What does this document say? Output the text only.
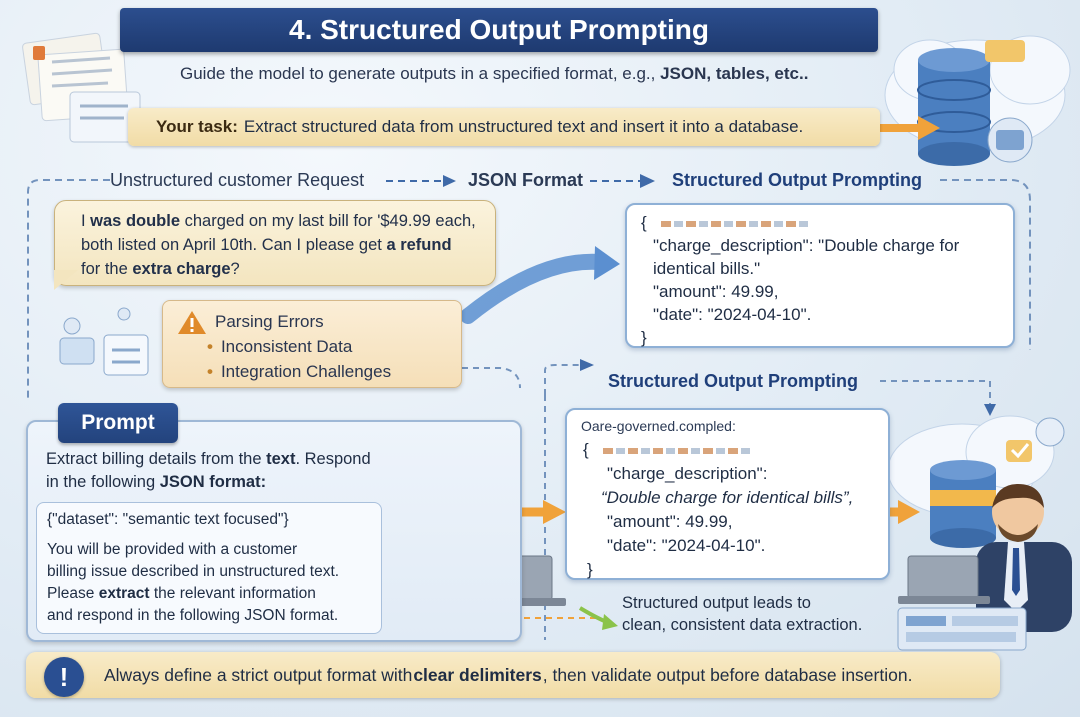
4. Structured Output Prompting
Guide the model to generate outputs in a specified format, e.g., JSON, tables, etc..
Your task: Extract structured data from unstructured text and insert it into a database.
Unstructured customer Request	JSON Format	Structured Output Prompting
I was double charged on my last bill for '$49.99 each,
both listed on April 10th. Can I please get a refund
for the extra charge?
Parsing Errors
• Inconsistent Data
• Integration Challenges
{
"charge_description": "Double charge for
identical bills."
"amount": 49.99,
"date": "2024-04-10".
}
Structured Output Prompting
Oare-governed.compled:
{
"charge_description":
“Double charge for identical bills”,
"amount": 49.99,
"date": "2024-04-10".
}
Prompt
Extract billing details from the text. Respond
in the following JSON format:
{"dataset": "semantic text focused"}
You will be provided with a customer
billing issue described in unstructured text.
Please extract the relevant information
and respond in the following JSON format.
Structured output leads to
clean, consistent data extraction.
Always define a strict output format with clear delimiters , then validate output before database insertion.
!
